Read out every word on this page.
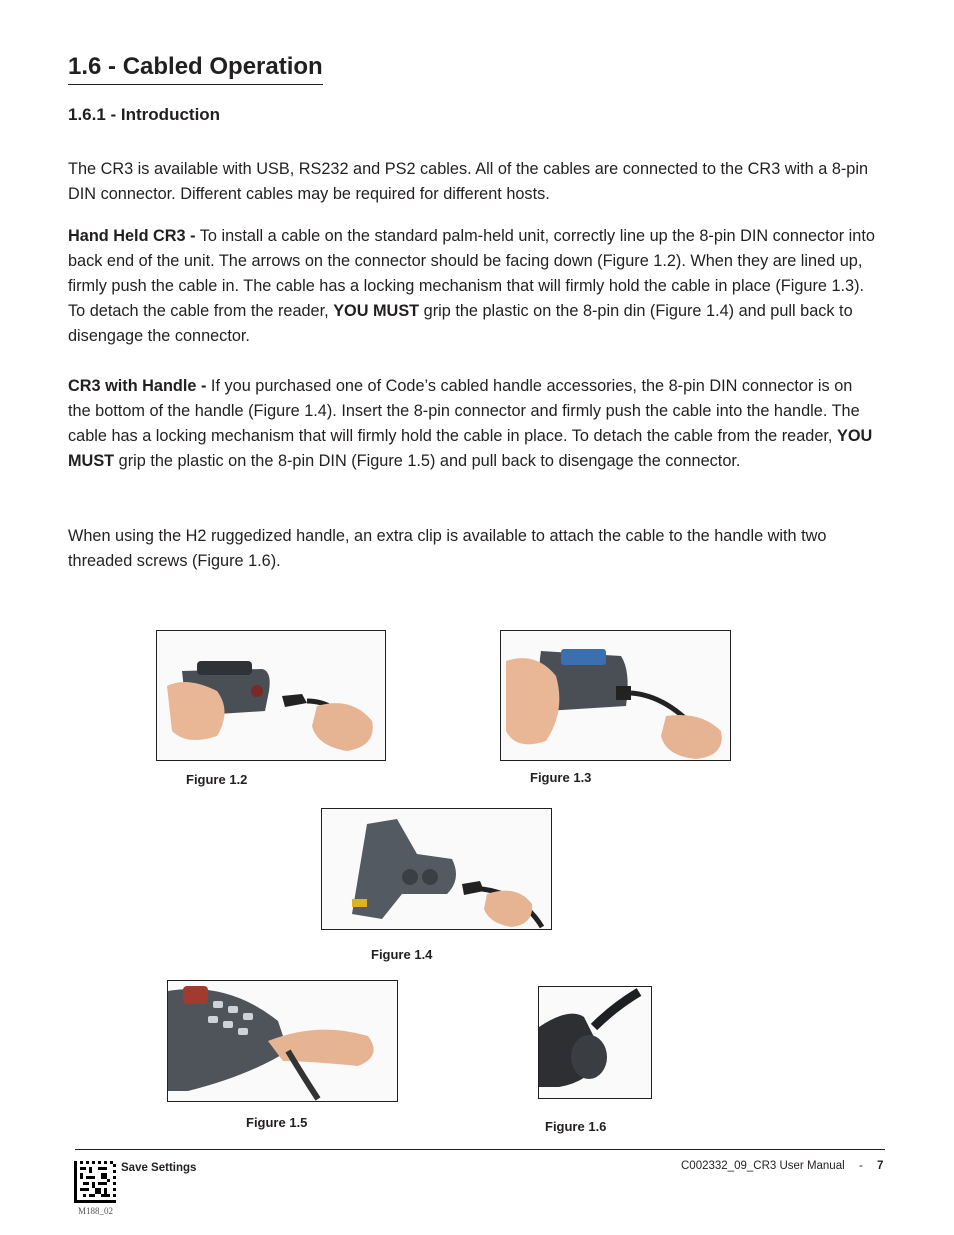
1.6 - Cabled Operation
1.6.1 - Introduction

The CR3 is available with USB, RS232 and PS2 cables. All of the cables are connected to the CR3 with a 8-pin DIN connector. Different cables may be required for different hosts.

Hand Held CR3 - To install a cable on the standard palm-held unit, correctly line up the 8-pin DIN connector into back end of the unit. The arrows on the connector should be facing down (Figure 1.2). When they are lined up, firmly push the cable in. The cable has a locking mechanism that will firmly hold the cable in place (Figure 1.3). To detach the cable from the reader, YOU MUST grip the plastic on the 8-pin din (Figure 1.4) and pull back to disengage the connector.

CR3 with Handle - If you purchased one of Code’s cabled handle accessories, the 8-pin DIN connector is on the bottom of the handle (Figure 1.4). Insert the 8-pin connector and firmly push the cable into the handle. The cable has a locking mechanism that will firmly hold the cable in place. To detach the cable from the reader, YOU MUST grip the plastic on the 8-pin DIN (Figure 1.5) and pull back to disengage the connector.

When using the H2 ruggedized handle, an extra clip is available to attach the cable to the handle with two threaded screws (Figure 1.6).

Figure 1.2	Figure 1.3
Figure 1.4
Figure 1.5	Figure 1.6
Save Settings
M188_02
C002332_09_CR3 User Manual - 7
